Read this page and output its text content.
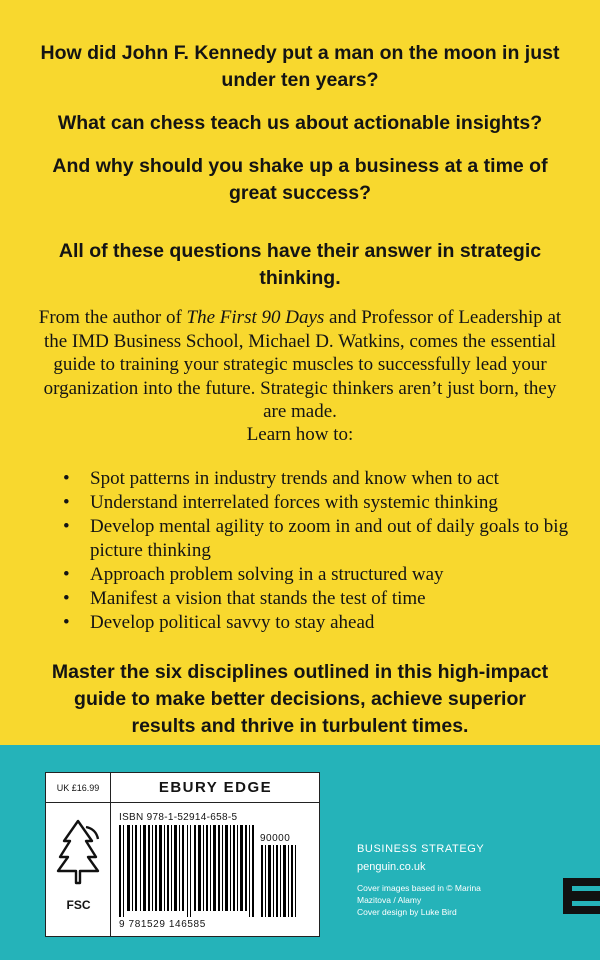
How did John F. Kennedy put a man on the moon in just under ten years?
What can chess teach us about actionable insights?
And why should you shake up a business at a time of great success?
All of these questions have their answer in strategic thinking.
From the author of The First 90 Days and Professor of Leadership at the IMD Business School, Michael D. Watkins, comes the essential guide to training your strategic muscles to successfully lead your organization into the future. Strategic thinkers aren’t just born, they are made.
Learn how to:
• Spot patterns in industry trends and know when to act
• Understand interrelated forces with systemic thinking
• Develop mental agility to zoom in and out of daily goals to big picture thinking
• Approach problem solving in a structured way
• Manifest a vision that stands the test of time
• Develop political savvy to stay ahead
Master the six disciplines outlined in this high-impact guide to make better decisions, achieve superior results and thrive in turbulent times.
UK £16.99	EBURY EDGE
FSC
ISBN 978-1-52914-658-5
90000
9 781529 146585
BUSINESS STRATEGY
penguin.co.uk
Cover images based in © Marina
Mazitova / Alamy
Cover design by Luke Bird
